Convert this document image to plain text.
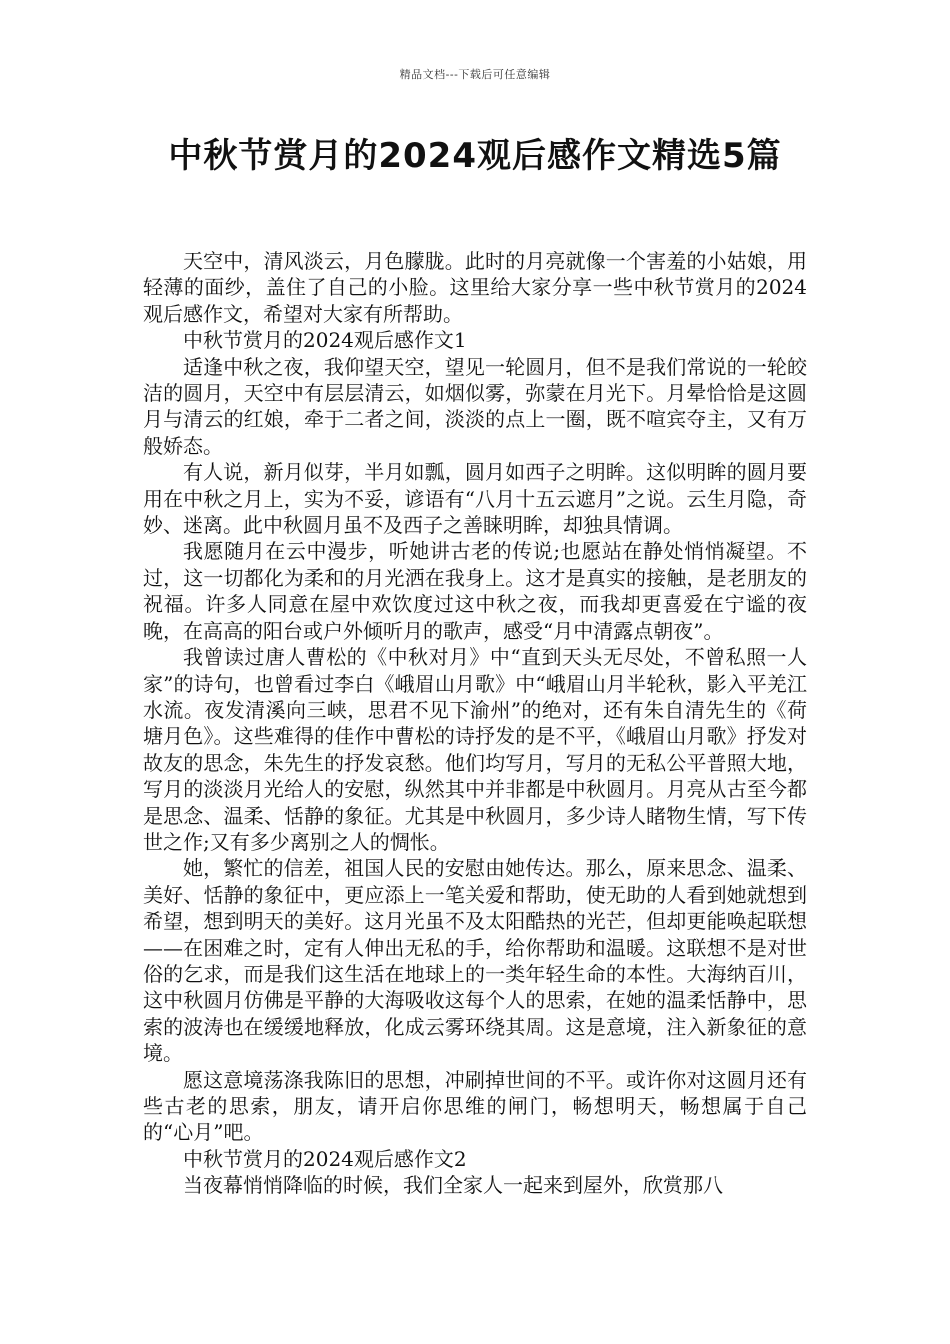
精品文档---下载后可任意编辑
中秋节赏月的2024观后感作文精选5篇

天空中，清风淡云，月色朦胧。此时的月亮就像一个害羞的小姑娘，用轻薄的面纱，盖住了自己的小脸。这里给大家分享一些中秋节赏月的2024观后感作文，希望对大家有所帮助。

中秋节赏月的2024观后感作文1

适逢中秋之夜，我仰望天空，望见一轮圆月，但不是我们常说的一轮皎洁的圆月，天空中有层层清云，如烟似雾，弥蒙在月光下。月晕恰恰是这圆月与清云的红娘，牵于二者之间，淡淡的点上一圈，既不喧宾夺主，又有万般娇态。

有人说，新月似芽，半月如瓢，圆月如西子之明眸。这似明眸的圆月要用在中秋之月上，实为不妥，谚语有“八月十五云遮月”之说。云生月隐，奇妙、迷离。此中秋圆月虽不及西子之善睐明眸，却独具情调。

我愿随月在云中漫步，听她讲古老的传说;也愿站在静处悄悄凝望。不过，这一切都化为柔和的月光洒在我身上。这才是真实的接触，是老朋友的祝福。许多人同意在屋中欢饮度过这中秋之夜，而我却更喜爱在宁谧的夜晚，在高高的阳台或户外倾听月的歌声，感受“月中清露点朝夜”。

我曾读过唐人曹松的《中秋对月》中“直到天头无尽处，不曾私照一人家”的诗句，也曾看过李白《峨眉山月歌》中“峨眉山月半轮秋，影入平羌江水流。夜发清溪向三峡，思君不见下渝州”的绝对，还有朱自清先生的《荷塘月色》。这些难得的佳作中曹松的诗抒发的是不平，《峨眉山月歌》抒发对故友的思念，朱先生的抒发哀愁。他们均写月，写月的无私公平普照大地，写月的淡淡月光给人的安慰，纵然其中并非都是中秋圆月。月亮从古至今都是思念、温柔、恬静的象征。尤其是中秋圆月，多少诗人睹物生情，写下传世之作;又有多少离别之人的惆怅。

她，繁忙的信差，祖国人民的安慰由她传达。那么，原来思念、温柔、美好、恬静的象征中，更应添上一笔关爱和帮助，使无助的人看到她就想到希望，想到明天的美好。这月光虽不及太阳酷热的光芒，但却更能唤起联想——在困难之时，定有人伸出无私的手，给你帮助和温暖。这联想不是对世俗的乞求，而是我们这生活在地球上的一类年轻生命的本性。大海纳百川，这中秋圆月仿佛是平静的大海吸收这每个人的思索，在她的温柔恬静中，思索的波涛也在缓缓地释放，化成云雾环绕其周。这是意境，注入新象征的意境。

愿这意境荡涤我陈旧的思想，冲刷掉世间的不平。或许你对这圆月还有些古老的思索，朋友，请开启你思维的闸门，畅想明天，畅想属于自己的“心月”吧。

中秋节赏月的2024观后感作文2

当夜幕悄悄降临的时候，我们全家人一起来到屋外，欣赏那八
